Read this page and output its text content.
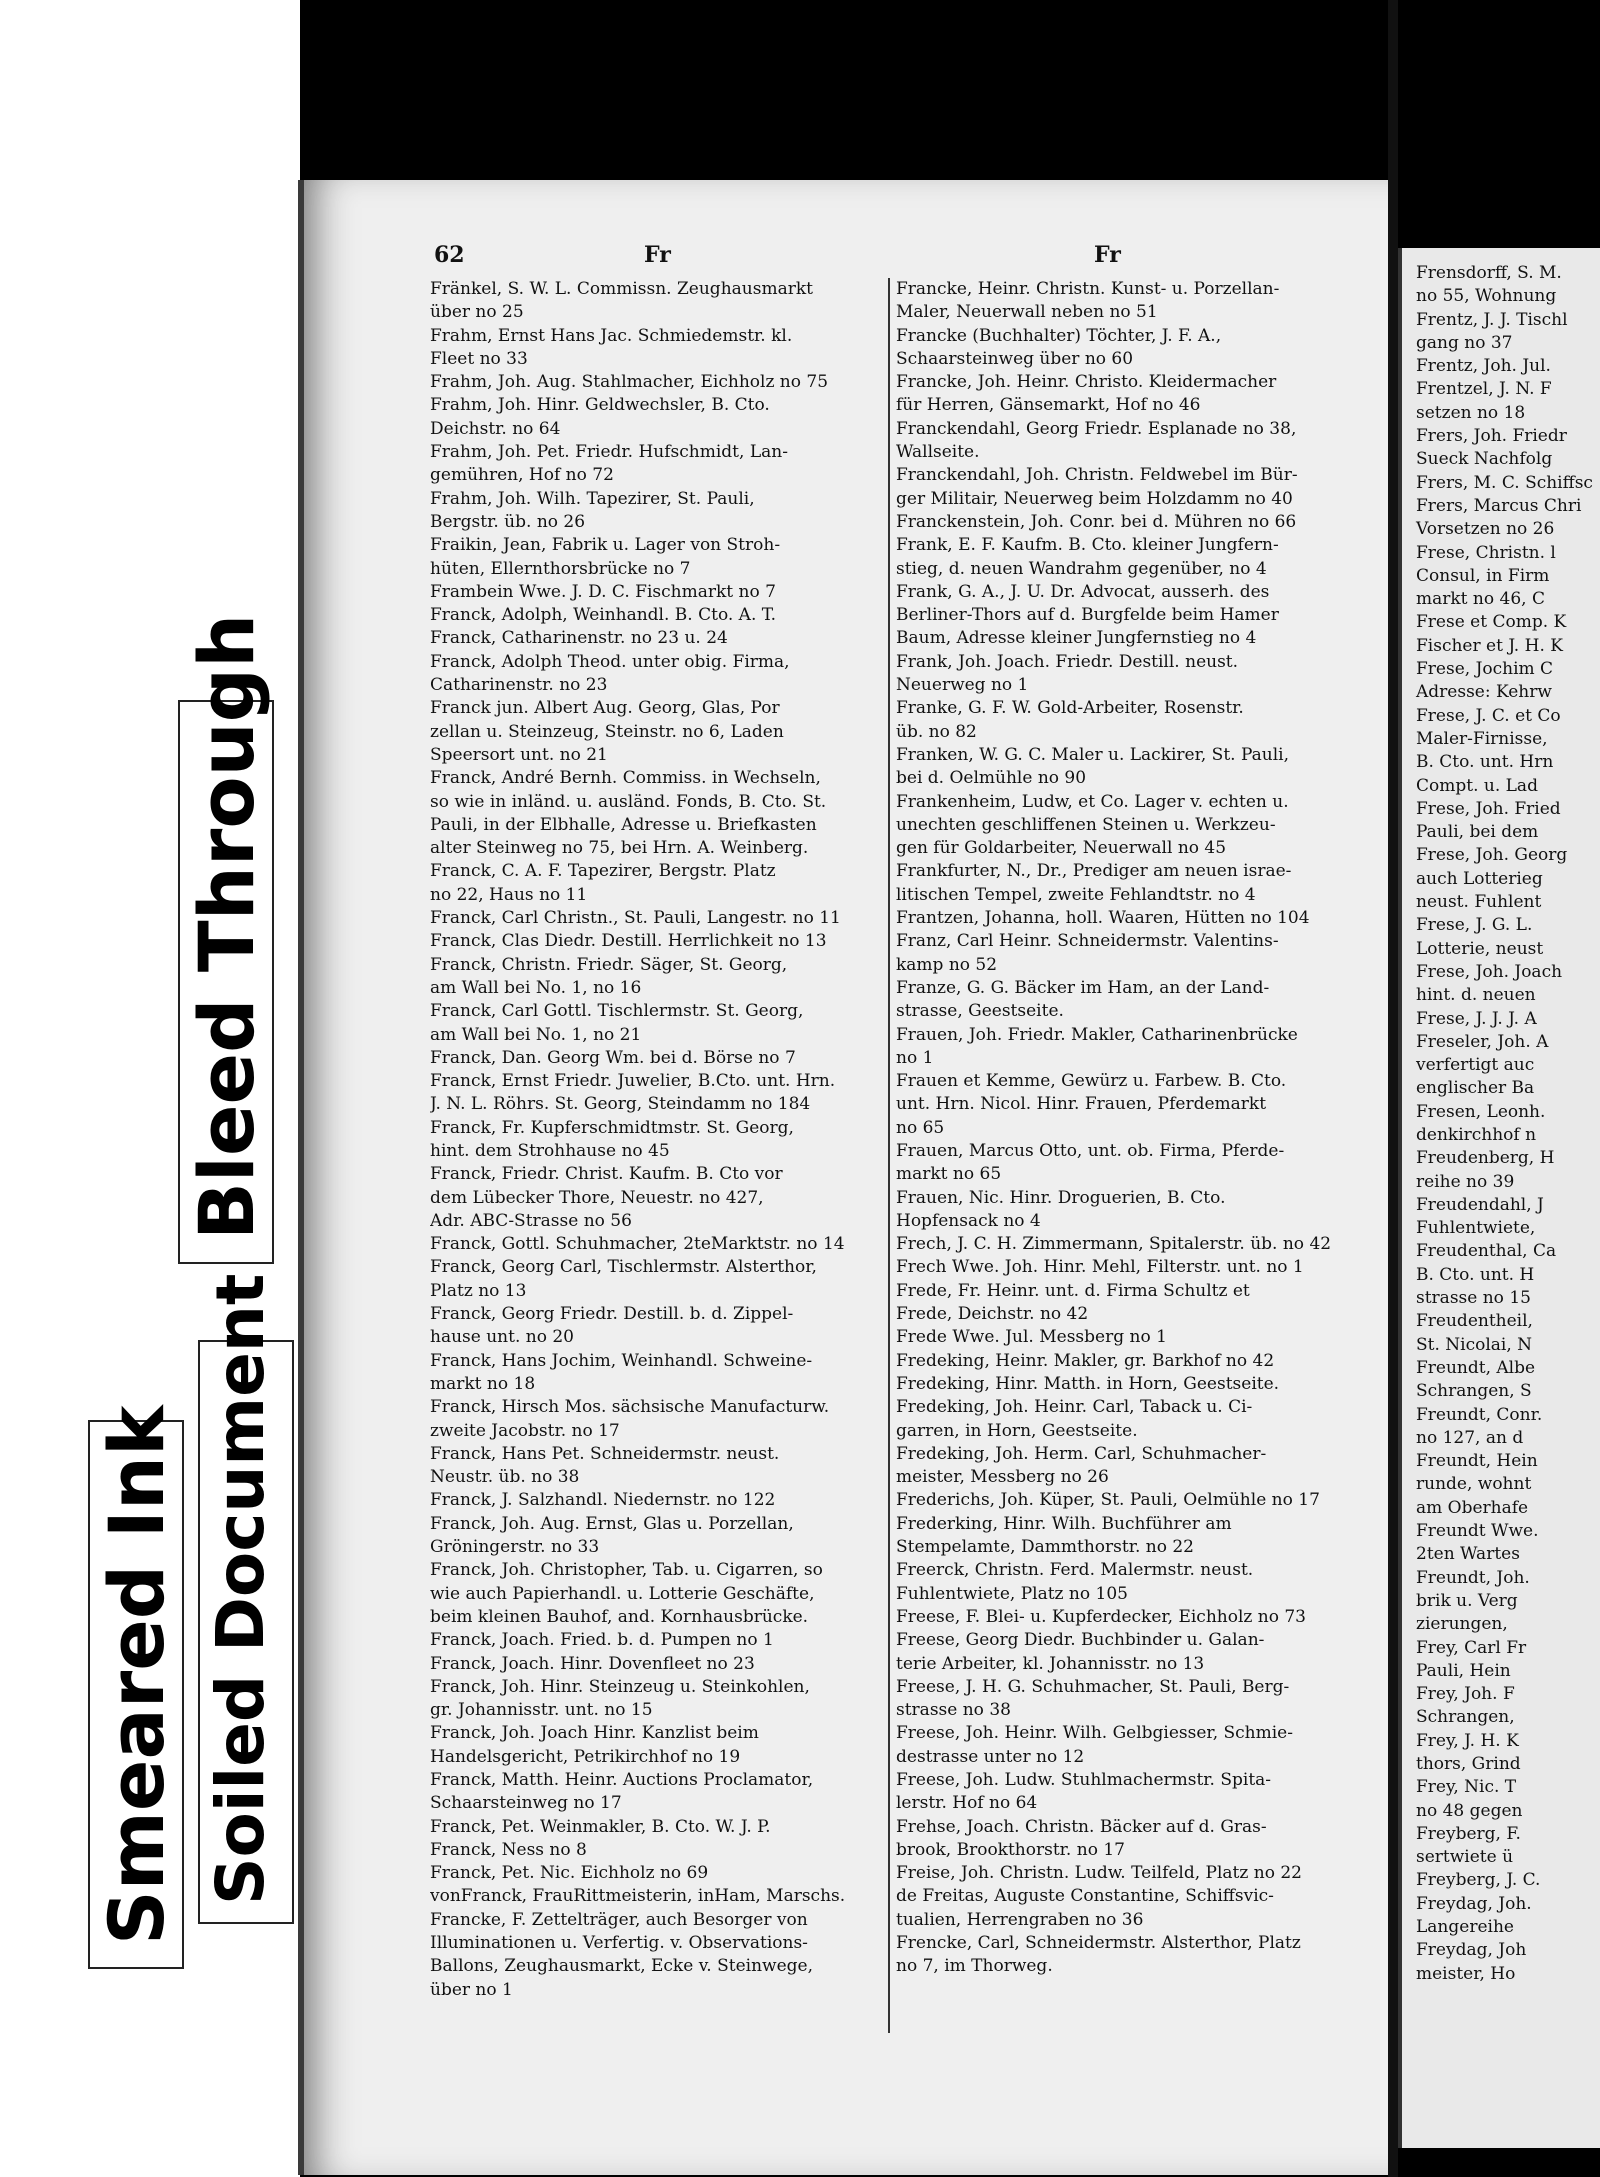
Bleed Through
Smeared Ink Soiled Document
62	Fr	Fr
Fränkel, S. W. L. Commissn. Zeughausmarkt
über no 25
Frahm, Ernst Hans Jac. Schmiedemstr. kl.
Fleet no 33
Frahm, Joh. Aug. Stahlmacher, Eichholz no 75
Frahm, Joh. Hinr. Geldwechsler, B. Cto.
Deichstr. no 64
Frahm, Joh. Pet. Friedr. Hufschmidt, Lan-
gemühren, Hof no 72
Frahm, Joh. Wilh. Tapezirer, St. Pauli,
Bergstr. üb. no 26
Fraikin, Jean, Fabrik u. Lager von Stroh-
hüten, Ellernthorsbrücke no 7
Frambein Wwe. J. D. C. Fischmarkt no 7
Franck, Adolph, Weinhandl. B. Cto. A. T.
Franck, Catharinenstr. no 23 u. 24
Franck, Adolph Theod. unter obig. Firma,
Catharinenstr. no 23
Franck jun. Albert Aug. Georg, Glas, Por
zellan u. Steinzeug, Steinstr. no 6, Laden
Speersort unt. no 21
Franck, André Bernh. Commiss. in Wechseln,
so wie in inländ. u. ausländ. Fonds, B. Cto. St.
Pauli, in der Elbhalle, Adresse u. Briefkasten
alter Steinweg no 75, bei Hrn. A. Weinberg.
Franck, C. A. F. Tapezirer, Bergstr. Platz
no 22, Haus no 11
Franck, Carl Christn., St. Pauli, Langestr. no 11
Franck, Clas Diedr. Destill. Herrlichkeit no 13
Franck, Christn. Friedr. Säger, St. Georg,
am Wall bei No. 1, no 16
Franck, Carl Gottl. Tischlermstr. St. Georg,
am Wall bei No. 1, no 21
Franck, Dan. Georg Wm. bei d. Börse no 7
Franck, Ernst Friedr. Juwelier, B.Cto. unt. Hrn.
J. N. L. Röhrs. St. Georg, Steindamm no 184
Franck, Fr. Kupferschmidtmstr. St. Georg,
hint. dem Strohhause no 45
Franck, Friedr. Christ. Kaufm. B. Cto vor
dem Lübecker Thore, Neuestr. no 427,
Adr. ABC-Strasse no 56
Franck, Gottl. Schuhmacher, 2teMarktstr. no 14
Franck, Georg Carl, Tischlermstr. Alsterthor,
Platz no 13
Franck, Georg Friedr. Destill. b. d. Zippel-
hause unt. no 20
Franck, Hans Jochim, Weinhandl. Schweine-
markt no 18
Franck, Hirsch Mos. sächsische Manufacturw.
zweite Jacobstr. no 17
Franck, Hans Pet. Schneidermstr. neust.
Neustr. üb. no 38
Franck, J. Salzhandl. Niedernstr. no 122
Franck, Joh. Aug. Ernst, Glas u. Porzellan,
Gröningerstr. no 33
Franck, Joh. Christopher, Tab. u. Cigarren, so
wie auch Papierhandl. u. Lotterie Geschäfte,
beim kleinen Bauhof, and. Kornhausbrücke.
Franck, Joach. Fried. b. d. Pumpen no 1
Franck, Joach. Hinr. Dovenfleet no 23
Franck, Joh. Hinr. Steinzeug u. Steinkohlen,
gr. Johannisstr. unt. no 15
Franck, Joh. Joach Hinr. Kanzlist beim
Handelsgericht, Petrikirchhof no 19
Franck, Matth. Heinr. Auctions Proclamator,
Schaarsteinweg no 17
Franck, Pet. Weinmakler, B. Cto. W. J. P.
Franck, Ness no 8
Franck, Pet. Nic. Eichholz no 69
vonFranck, FrauRittmeisterin, inHam, Marschs.
Francke, F. Zettelträger, auch Besorger von
Illuminationen u. Verfertig. v. Observations-
Ballons, Zeughausmarkt, Ecke v. Steinwege,
über no 1
Francke, Heinr. Christn. Kunst- u. Porzellan-
Maler, Neuerwall neben no 51
Francke (Buchhalter) Töchter, J. F. A.,
Schaarsteinweg über no 60
Francke, Joh. Heinr. Christo. Kleidermacher
für Herren, Gänsemarkt, Hof no 46
Franckendahl, Georg Friedr. Esplanade no 38,
Wallseite.
Franckendahl, Joh. Christn. Feldwebel im Bür-
ger Militair, Neuerweg beim Holzdamm no 40
Franckenstein, Joh. Conr. bei d. Mühren no 66
Frank, E. F. Kaufm. B. Cto. kleiner Jungfern-
stieg, d. neuen Wandrahm gegenüber, no 4
Frank, G. A., J. U. Dr. Advocat, ausserh. des
Berliner-Thors auf d. Burgfelde beim Hamer
Baum, Adresse kleiner Jungfernstieg no 4
Frank, Joh. Joach. Friedr. Destill. neust.
Neuerweg no 1
Franke, G. F. W. Gold-Arbeiter, Rosenstr.
üb. no 82
Franken, W. G. C. Maler u. Lackirer, St. Pauli,
bei d. Oelmühle no 90
Frankenheim, Ludw, et Co. Lager v. echten u.
unechten geschliffenen Steinen u. Werkzeu-
gen für Goldarbeiter, Neuerwall no 45
Frankfurter, N., Dr., Prediger am neuen israe-
litischen Tempel, zweite Fehlandtstr. no 4
Frantzen, Johanna, holl. Waaren, Hütten no 104
Franz, Carl Heinr. Schneidermstr. Valentins-
kamp no 52
Franze, G. G. Bäcker im Ham, an der Land-
strasse, Geestseite.
Frauen, Joh. Friedr. Makler, Catharinenbrücke
no 1
Frauen et Kemme, Gewürz u. Farbew. B. Cto.
unt. Hrn. Nicol. Hinr. Frauen, Pferdemarkt
no 65
Frauen, Marcus Otto, unt. ob. Firma, Pferde-
markt no 65
Frauen, Nic. Hinr. Droguerien, B. Cto.
Hopfensack no 4
Frech, J. C. H. Zimmermann, Spitalerstr. üb. no 42
Frech Wwe. Joh. Hinr. Mehl, Filterstr. unt. no 1
Frede, Fr. Heinr. unt. d. Firma Schultz et
Frede, Deichstr. no 42
Frede Wwe. Jul. Messberg no 1
Fredeking, Heinr. Makler, gr. Barkhof no 42
Fredeking, Hinr. Matth. in Horn, Geestseite.
Fredeking, Joh. Heinr. Carl, Taback u. Ci-
garren, in Horn, Geestseite.
Fredeking, Joh. Herm. Carl, Schuhmacher-
meister, Messberg no 26
Frederichs, Joh. Küper, St. Pauli, Oelmühle no 17
Frederking, Hinr. Wilh. Buchführer am
Stempelamte, Dammthorstr. no 22
Freerck, Christn. Ferd. Malermstr. neust.
Fuhlentwiete, Platz no 105
Freese, F. Blei- u. Kupferdecker, Eichholz no 73
Freese, Georg Diedr. Buchbinder u. Galan-
terie Arbeiter, kl. Johannisstr. no 13
Freese, J. H. G. Schuhmacher, St. Pauli, Berg-
strasse no 38
Freese, Joh. Heinr. Wilh. Gelbgiesser, Schmie-
destrasse unter no 12
Freese, Joh. Ludw. Stuhlmachermstr. Spita-
lerstr. Hof no 64
Frehse, Joach. Christn. Bäcker auf d. Gras-
brook, Brookthorstr. no 17
Freise, Joh. Christn. Ludw. Teilfeld, Platz no 22
de Freitas, Auguste Constantine, Schiffsvic-
tualien, Herrengraben no 36
Frencke, Carl, Schneidermstr. Alsterthor, Platz
no 7, im Thorweg.
Frensdorff, S. M.
no 55, Wohnung
Frentz, J. J. Tischl
gang no 37
Frentz, Joh. Jul.
Frentzel, J. N. F
setzen no 18
Frers, Joh. Friedr
Sueck Nachfolg
Frers, M. C. Schiffsc
Frers, Marcus Chri
Vorsetzen no 26
Frese, Christn. l
Consul, in Firm
markt no 46, C
Frese et Comp. K
Fischer et J. H. K
Frese, Jochim C
Adresse: Kehrw
Frese, J. C. et Co
Maler-Firnisse,
B. Cto. unt. Hrn
Compt. u. Lad
Frese, Joh. Fried
Pauli, bei dem
Frese, Joh. Georg
auch Lotterieg
neust. Fuhlent
Frese, J. G. L.
Lotterie, neust
Frese, Joh. Joach
hint. d. neuen
Frese, J. J. J. A
Freseler, Joh. A
verfertigt auc
englischer Ba
Fresen, Leonh.
denkirchhof n
Freudenberg, H
reihe no 39
Freudendahl, J
Fuhlentwiete,
Freudenthal, Ca
B. Cto. unt. H
strasse no 15
Freudentheil,
St. Nicolai, N
Freundt, Albe
Schrangen, S
Freundt, Conr.
no 127, an d
Freundt, Hein
runde, wohnt
am Oberhafe
Freundt Wwe.
2ten Wartes
Freundt, Joh.
brik u. Verg
zierungen,
Frey, Carl Fr
Pauli, Hein
Frey, Joh. F
Schrangen,
Frey, J. H. K
thors, Grind
Frey, Nic. T
no 48 gegen
Freyberg, F.
sertwiete ü
Freyberg, J. C.
Freydag, Joh.
Langereihe
Freydag, Joh
meister, Ho
